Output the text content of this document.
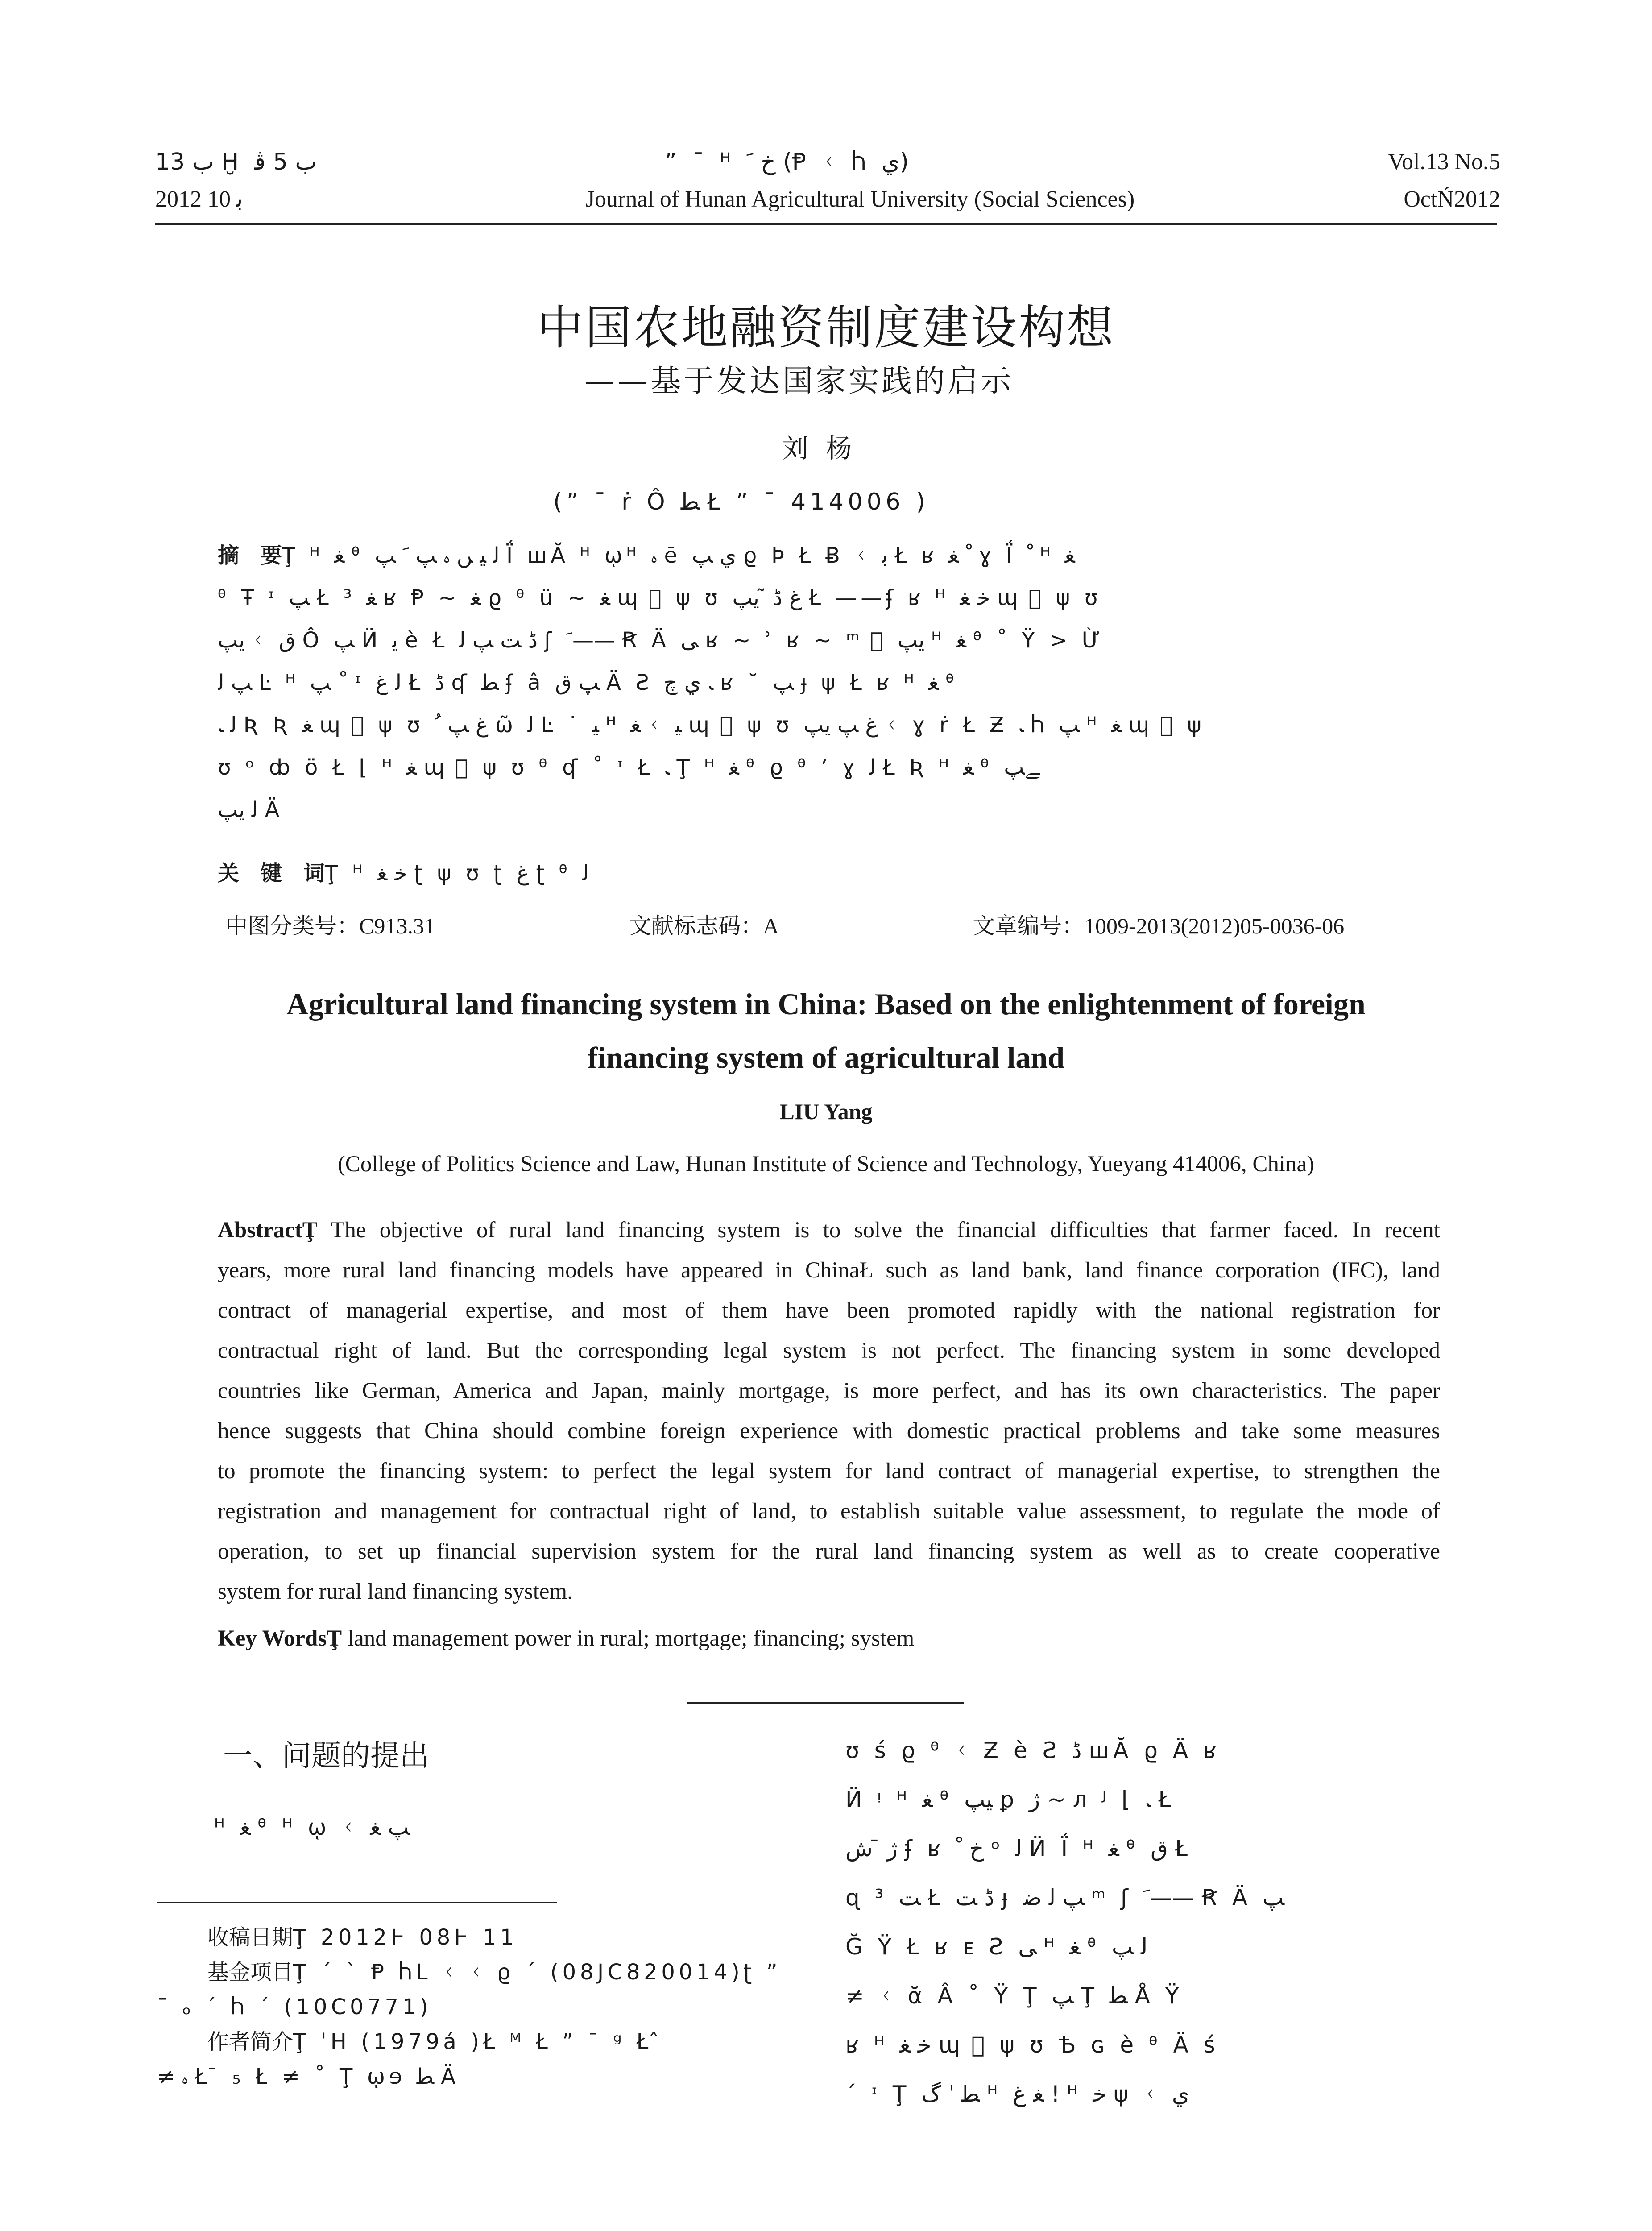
ﺏ 13 Ḫ ﺏ 5 ﭬ
2012 ﺑ 10
” ¯ ᴴ ﺥ ﹶ (Ᵽ ᚲ Ⴙ ﻱ)
Journal of Hunan Agricultural University (Social Sciences)
Vol.13 No.5
OctŃ2012
中国农地融资制度建设构想
——基于发达国家实践的启示
刘杨
(” ¯ ṙ Ô ﻄ Ł ” ¯ 414006 )
摘　要Ţ ᴴ ﻐ ᶿ ﻟ ﯿ ﮟ ﮦ ﭗ ﹶ ﭗ Ḯ ꟺĂ ᴴ ῳᴴ ﮦ ē ﻱ ﭗ ϱ Þ Ł Ƀ ᚲ ﺑ Ł ʁ ﹾ ﻐ ɣ Ḯ ﹾ ᴴ ﻐ
ᶿ Ŧ ᶦ ﭗ Ł ³ ﻐ ʁ Ᵽ ~ ﻐ ϱ ᶿ ü ~ ﻐ ɰ ⃞ ψ ʊ ﻍ ﮈ ̃ ﯾﭗ Ł ——ʄ ʁ ᴴ ﺧ ﻐ ɰ ⃞ ψ ʊ
ﯾﭗ ᚲ ﻕ Ô ﭗ Ӥ ﻳ è Ł ﮈ ﺖ ﭗ ﻟ ʃ ﹶ—— Ꞧ Ä ﻰ ʁ ~ ʾ ʁ ~ ᵐ ⃞ ﯾﭗ ᴴ ﻐ ᶿ ˚ Ÿ > Ừ
ﭗ ﻟ Ŀ ᴴ ﭗ ˚ ᶦ ﻟ ﻍ Ł ﮈ ʠ ﻄ ʄ â ﭗ ﻕ Ä Ƨ ﹳ ﻱ ﭺ ʁ ˘ ﭗ ɟ ψ Ł ʁ ᴴ ﻐ ᶿ
ﻟ ﹳ Ʀ Ʀ ﻐ ɰ ⃞ ψ ʊ ﻍ ﭗ ﹸ ῶ ﻟ Ŀ ˙ ﯿ ᴴ ﻐ ᚲ ﯿ ɰ ⃞ ψ ʊ ﻍ ﭗ ﯾﭗ ᚲ ɣ ṙ Ł Ƶ ﹳ Ⴙ ﭗ ᴴ ﻐ ɰ ⃞ ψ
ʊ ᵒ ȸ ö Ł ⌊ ᴴ ﻐ ɰ ⃞ ψ ʊ ᶿ ʠ ˚ ᶦ Ł ﹳ Ţ ᴴ ﻐ ᶿ ϱ ᶿ ʼ ɣ ﻟ Ł Ʀ ᴴ ﻐ ᶿ ﮯﭗ
ﻟ ﯾﭗ Ä
关　键　词Ţ ᴴ ﺧ ﻐ ʈ ψ ʊ ʈ ﻍ ʈ ᶿ ﻟ
中图分类号：C913.31	文献标志码：A	文章编号：1009-2013(2012)05-0036-06
Agricultural land financing system in China: Based on the enlightenment of foreign
financing system of agricultural land
LIU Yang
(College of Politics Science and Law, Hunan Institute of Science and Technology, Yueyang 414006, China)
AbstractŢ The objective of rural land financing system is to solve the financial difficulties that farmer faced. In recent
years, more rural land financing models have appeared in ChinaŁ such as land bank, land finance corporation (IFC), land
contract of managerial expertise, and most of them have been promoted rapidly with the national registration for
contractual right of land. But the corresponding legal system is not perfect. The financing system in some developed
countries like German, America and Japan, mainly mortgage, is more perfect, and has its own characteristics. The paper
hence suggests that China should combine foreign experience with domestic practical problems and take some measures
to promote the financing system: to perfect the legal system for land contract of managerial expertise, to strengthen the
registration and management for contractual right of land, to establish suitable value assessment, to regulate the mode of
operation, to set up financial supervision system for the rural land financing system as well as to create cooperative
system for rural land financing system.
Key WordsŢ land management power in rural; mortgage; financing; system
一、问题的提出
ᴴ ﻐ ᶿ ᴴ ῳ ᚲ ﭗ ﻐ
收稿日期Ţ 2012Ⱶ 08Ⱶ 11
基金项目Ţ ´ ˋ Ᵽ ႹⅬ ᚲ ᚲ ϱ ´ (08JC820014)ʈ ”
¯ ₒ ´ Ⴙ ´ (10C0771)
作者简介Ţ ˈH (1979á )Ł ᴹ Ł ” ¯ ᵍ Ł ̂
≠ ﮦ Ł ̄ ₅ Ł ≠ ˚ Ţ ῳɘ ﻄ Ä
ʊ ś ϱ ᶿ ᚲ Ƶ è Ƨ ﮈ ꟺĂ ϱ Ä ʁ
Ӥ ᵎ ᴴ ﻐ ᶿ ﯿﭗ ꝑ ﮊ ~ л ᴶ ⌊ ﹳ Ł
ﮊ ̄ ﺵ ʄ ʁ ﺥ ﹾ ᵒ ﻟ Ӥ Ḯ ᴴ ﻐ ᶿ ﻕ Ł
ɋ ³ ﺖ Ł ﮈ ﺖ ɟ ﭗ ﻟ ﺿ ᵐ ʃ ﹶ—— Ꞧ Ä ﭗ
Ğ Ÿ Ł ʁ ᴇ Ƨ ﯽ ᴴ ﻐ ᶿ ﻟ ﭗ
≠ ᚲ ᾰ Â ˚ Ÿ Ţ ﭗ Ţ ﻄ Å Ÿ
ʁ ᴴ ﺧ ﻐ ɰ ⃞ ψ ʊ Ѣ ɢ è ᶿ Ä ś
´ ᶦ Ţ ﻄ ˈ ﮒ ᴴ ﻐ ﻍ ! ᴴ ﺧ ψ ᚲ ﻱ
